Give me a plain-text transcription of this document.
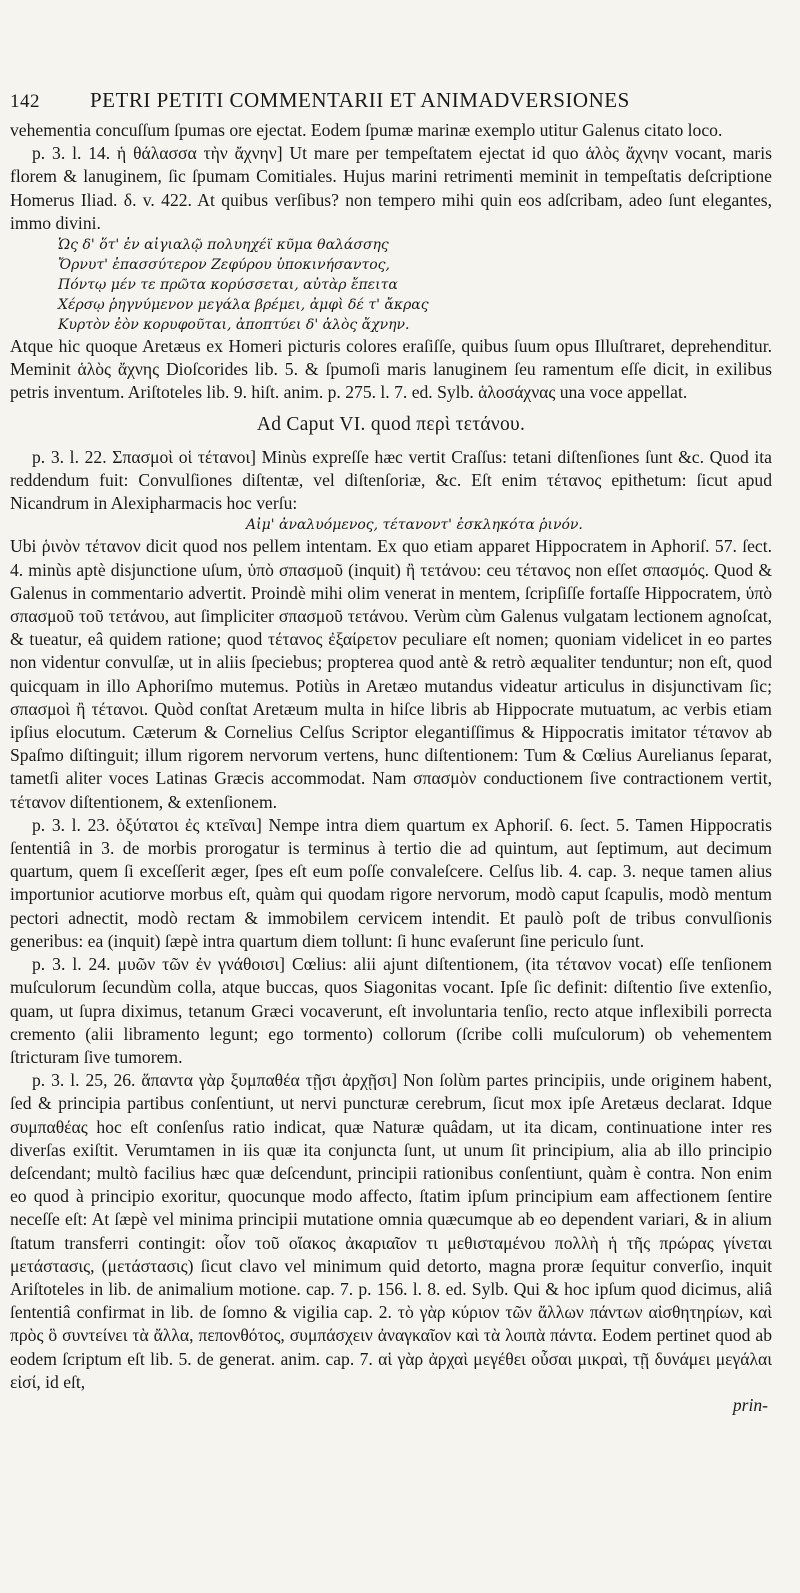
142	PETRI PETITI COMMENTARII ET ANIMADVERSIONES

vehementia concuſſum ſpumas ore ejectat. Eodem ſpumæ marinæ exemplo utitur Galenus citato loco.

p. 3. l. 14. ἡ θάλασσα τὴν ἄχνην] Ut mare per tempeſtatem ejectat id quo ἁλὸς ἄχνην vocant, maris florem & lanuginem, ſic ſpumam Comitiales. Hujus marini retrimenti meminit in tempeſtatis deſcriptione Homerus Iliad. δ. v. 422. At quibus verſibus? non tempero mihi quin eos adſcribam, adeo ſunt elegantes, immo divini.

Ὡς δ' ὅτ' ἐν αἰγιαλῷ πολυηχέϊ κῦμα θαλάσσης
Ὄρνυτ' ἐπασσύτερον Ζεφύρου ὑποκινήσαντος,
Πόντῳ μέν τε πρῶτα κορύσσεται, αὐτὰρ ἔπειτα
Χέρσῳ ῥηγνύμενον μεγάλα βρέμει, ἀμφὶ δέ τ' ἄκρας
Κυρτὸν ἐὸν κορυφοῦται, ἀποπτύει δ' ἁλὸς ἄχνην.

Atque hic quoque Aretæus ex Homeri picturis colores eraſiſſe, quibus ſuum opus Illuſtraret, deprehenditur. Meminit ἁλὸς ἄχνης Dioſcorides lib. 5. & ſpumoſi maris lanuginem ſeu ramentum eſſe dicit, in exilibus petris inventum. Ariſtoteles lib. 9. hiſt. anim. p. 275. l. 7. ed. Sylb. ἁλοσάχνας una voce appellat.

Ad Caput VI. quod περὶ τετάνου.

p. 3. l. 22. Σπασμοὶ οἱ τέτανοι] Minùs expreſſe hæc vertit Craſſus: tetani diſtenſiones ſunt &c. Quod ita reddendum fuit: Convulſiones diſtentæ, vel diſtenſoriæ, &c. Eſt enim τέτανος epithetum: ſicut apud Nicandrum in Alexipharmacis hoc verſu:

Αἰμ' ἀναλυόμενος, τέτανοντ' ἐσκληκότα ῥινόν.

Ubi ῥινὸν τέτανον dicit quod nos pellem intentam. Ex quo etiam apparet Hippocratem in Aphoriſ. 57. ſect. 4. minùs aptè disjunctione uſum, ὑπὸ σπασμοῦ (inquit) ἢ τετάνου: ceu τέτανος non eſſet σπασμός. Quod & Galenus in commentario advertit. Proindè mihi olim venerat in mentem, ſcripſiſſe fortaſſe Hippocratem, ὑπὸ σπασμοῦ τοῦ τετάνου, aut ſimpliciter σπασμοῦ τετάνου. Verùm cùm Galenus vulgatam lectionem agnoſcat, & tueatur, eâ quidem ratione; quod τέτανος ἐξαίρετον peculiare eſt nomen; quoniam videlicet in eo partes non videntur convulſæ, ut in aliis ſpeciebus; propterea quod antè & retrò æqualiter tenduntur; non eſt, quod quicquam in illo Aphoriſmo mutemus. Potiùs in Aretæo mutandus videatur articulus in disjunctivam ſic; σπασμοὶ ἢ τέτανοι. Quòd conſtat Aretæum multa in hiſce libris ab Hippocrate mutuatum, ac verbis etiam ipſius elocutum. Cæterum & Cornelius Celſus Scriptor elegantiſſimus & Hippocratis imitator τέτανον ab Spaſmo diſtinguit; illum rigorem nervorum vertens, hunc diſtentionem: Tum & Cœlius Aurelianus ſeparat, tametſi aliter voces Latinas Græcis accommodat. Nam σπασμὸν conductionem ſive contractionem vertit, τέτανον diſtentionem, & extenſionem.

p. 3. l. 23. ὀξύτατοι ἐς κτεῖναι] Nempe intra diem quartum ex Aphoriſ. 6. ſect. 5. Tamen Hippocratis ſententiâ in 3. de morbis prorogatur is terminus à tertio die ad quintum, aut ſeptimum, aut decimum quartum, quem ſi exceſſerit æger, ſpes eſt eum poſſe convaleſcere. Celſus lib. 4. cap. 3. neque tamen alius importunior acutiorve morbus eſt, quàm qui quodam rigore nervorum, modò caput ſcapulis, modò mentum pectori adnectit, modò rectam & immobilem cervicem intendit. Et paulò poſt de tribus convulſionis generibus: ea (inquit) ſæpè intra quartum diem tollunt: ſi hunc evaſerunt ſine periculo ſunt.

p. 3. l. 24. μυῶν τῶν ἐν γνάθοισι] Cœlius: alii ajunt diſtentionem, (ita τέτανον vocat) eſſe tenſionem muſculorum ſecundùm colla, atque buccas, quos Siagonitas vocant. Ipſe ſic definit: diſtentio ſive extenſio, quam, ut ſupra diximus, tetanum Græci vocaverunt, eſt involuntaria tenſio, recto atque inflexibili porrecta cremento (alii libramento legunt; ego tormento) collorum (ſcribe colli muſculorum) ob vehementem ſtricturam ſive tumorem.

p. 3. l. 25, 26. ἅπαντα γὰρ ξυμπαθέα τῇσι ἀρχῇσι] Non ſolùm partes principiis, unde originem habent, ſed & principia partibus conſentiunt, ut nervi puncturæ cerebrum, ſicut mox ipſe Aretæus declarat. Idque συμπαθέας hoc eſt conſenſus ratio indicat, quæ Naturæ quâdam, ut ita dicam, continuatione inter res diverſas exiſtit. Verumtamen in iis quæ ita conjuncta ſunt, ut unum ſit principium, alia ab illo principio deſcendant; multò facilius hæc quæ deſcendunt, principii rationibus conſentiunt, quàm è contra. Non enim eo quod à principio exoritur, quocunque modo affecto, ſtatim ipſum principium eam affectionem ſentire neceſſe eſt: At ſæpè vel minima principii mutatione omnia quæcumque ab eo dependent variari, & in alium ſtatum transferri contingit: οἷον τοῦ οἴακος ἀκαριαῖον τι μεθισταμένου πολλὴ ἡ τῆς πρώρας γίνεται μετάστασις, (μετάστασις) ſicut clavo vel minimum quid detorto, magna proræ ſequitur converſio, inquit Ariſtoteles in lib. de animalium motione. cap. 7. p. 156. l. 8. ed. Sylb. Qui & hoc ipſum quod dicimus, aliâ ſententiâ confirmat in lib. de ſomno & vigilia cap. 2. τὸ γὰρ κύριον τῶν ἄλλων πάντων αἰσθητηρίων, καὶ πρὸς ὃ συντείνει τὰ ἄλλα, πεπονθότος, συμπάσχειν ἀναγκαῖον καὶ τὰ λοιπὰ πάντα. Eodem pertinet quod ab eodem ſcriptum eſt lib. 5. de generat. anim. cap. 7. αἱ γὰρ ἀρχαὶ μεγέθει οὖσαι μικραὶ, τῇ δυνάμει μεγάλαι εἰσί, id eſt,

prin-
